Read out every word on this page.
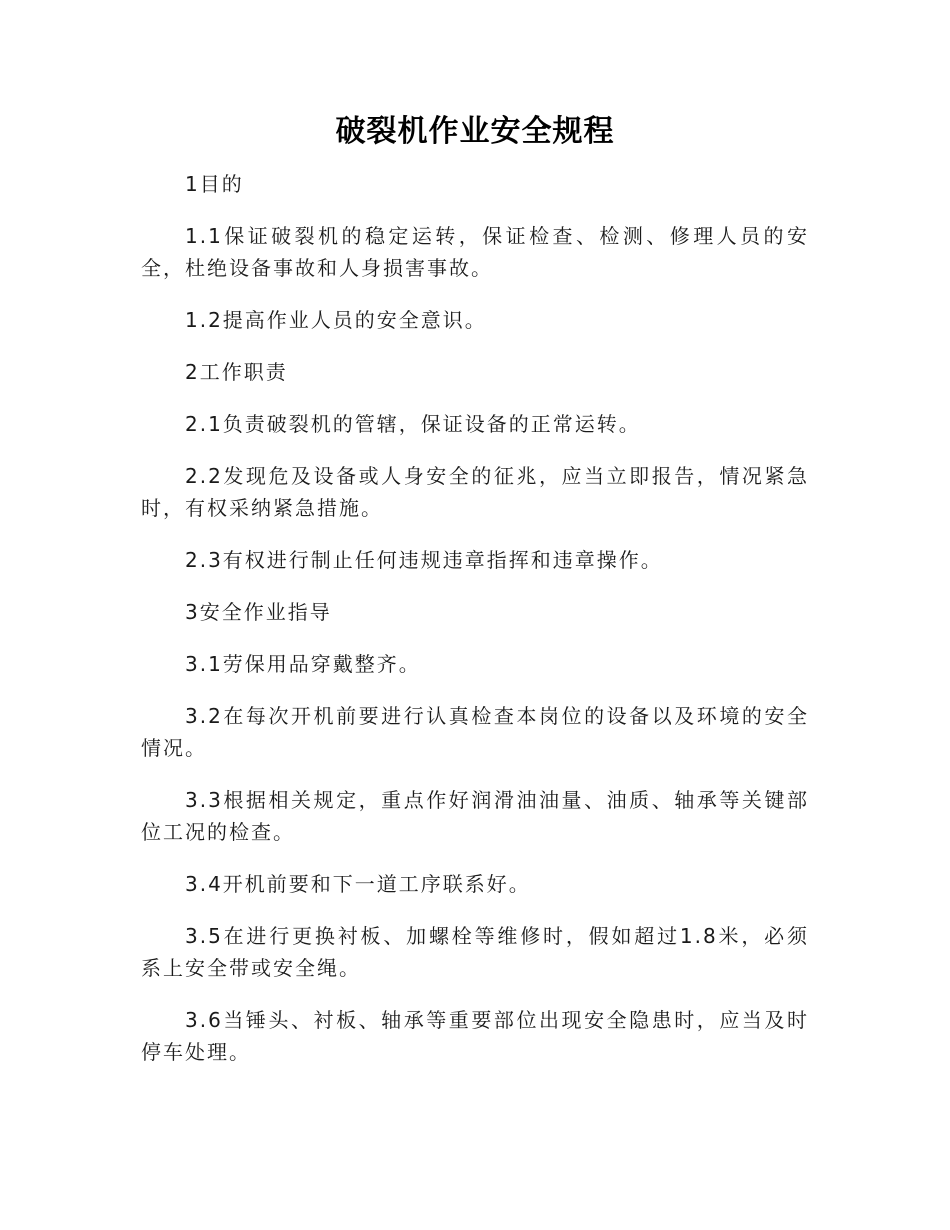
破裂机作业安全规程

1目的

1.1保证破裂机的稳定运转，保证检查、检测、修理人员的安全，杜绝设备事故和人身损害事故。

1.2提高作业人员的安全意识。

2工作职责

2.1负责破裂机的管辖，保证设备的正常运转。

2.2发现危及设备或人身安全的征兆，应当立即报告，情况紧急时，有权采纳紧急措施。

2.3有权进行制止任何违规违章指挥和违章操作。

3安全作业指导

3.1劳保用品穿戴整齐。

3.2在每次开机前要进行认真检查本岗位的设备以及环境的安全情况。

3.3根据相关规定，重点作好润滑油油量、油质、轴承等关键部位工况的检查。

3.4开机前要和下一道工序联系好。

3.5在进行更换衬板、加螺栓等维修时，假如超过1.8米，必须系上安全带或安全绳。

3.6当锤头、衬板、轴承等重要部位出现安全隐患时，应当及时停车处理。
